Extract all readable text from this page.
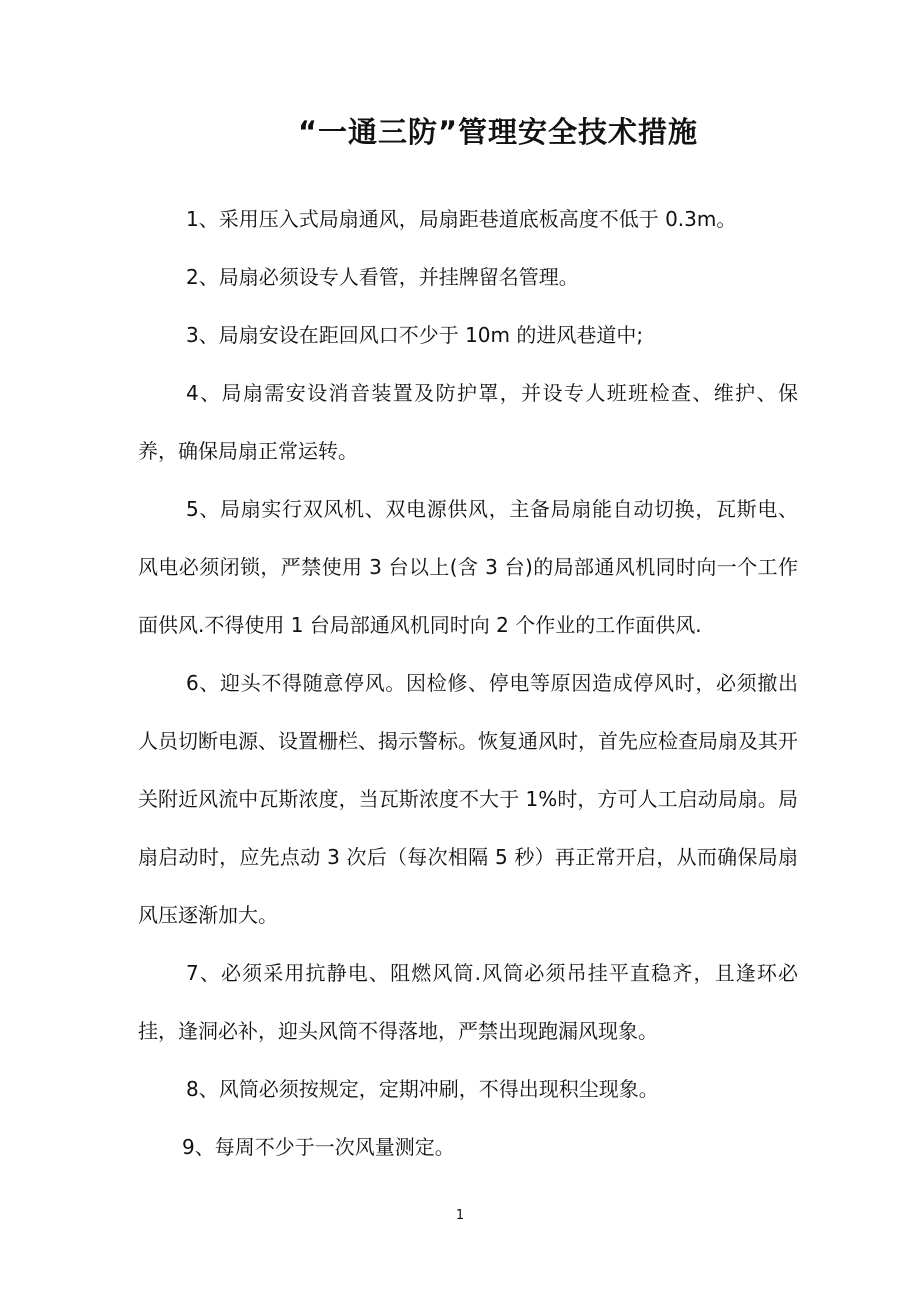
“一通三防”管理安全技术措施

1、采用压入式局扇通风，局扇距巷道底板高度不低于 0.3m。

2、局扇必须设专人看管，并挂牌留名管理。

3、局扇安设在距回风口不少于 10m 的进风巷道中;

4、局扇需安设消音装置及防护罩，并设专人班班检查、维护、保养，确保局扇正常运转。

5、局扇实行双风机、双电源供风，主备局扇能自动切换，瓦斯电、风电必须闭锁，严禁使用 3 台以上(含 3 台)的局部通风机同时向一个工作面供风.不得使用 1 台局部通风机同时向 2 个作业的工作面供风.

6、迎头不得随意停风。因检修、停电等原因造成停风时，必须撤出人员切断电源、设置栅栏、揭示警标。恢复通风时，首先应检查局扇及其开关附近风流中瓦斯浓度，当瓦斯浓度不大于 1%时，方可人工启动局扇。局扇启动时，应先点动 3 次后（每次相隔 5 秒）再正常开启，从而确保局扇风压逐渐加大。

7、必须采用抗静电、阻燃风筒.风筒必须吊挂平直稳齐，且逢环必挂，逢洞必补，迎头风筒不得落地，严禁出现跑漏风现象。

8、风筒必须按规定，定期冲刷，不得出现积尘现象。

9、每周不少于一次风量测定。

1
